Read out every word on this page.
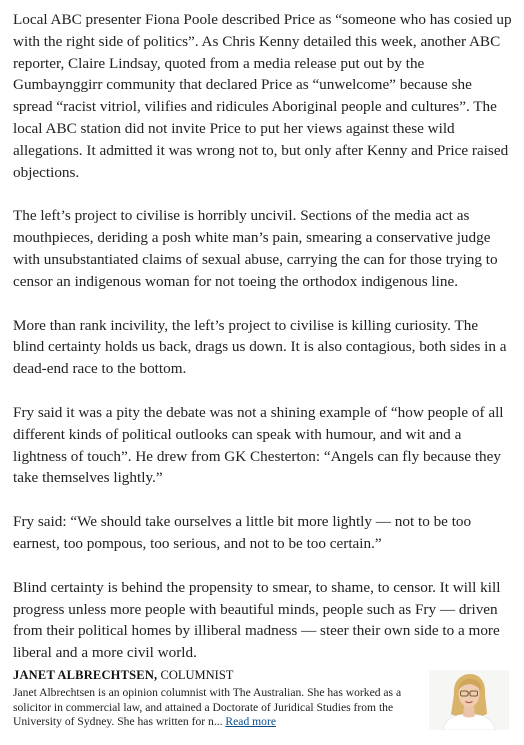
Local ABC presenter Fiona Poole described Price as “someone who has cosied up with the right side of politics”. As Chris Kenny detailed this week, another ABC reporter, Claire Lindsay, quoted from a media release put out by the Gumbaynggirr community that declared Price as “unwelcome” because she spread “racist vitriol, vilifies and ridicules Aboriginal people and cultures”. The local ABC station did not invite Price to put her views against these wild allegations. It admitted it was wrong not to, but only after Kenny and Price raised objections.

The left’s project to civilise is horribly uncivil. Sections of the media act as mouthpieces, deriding a posh white man’s pain, smearing a conservative judge with unsubstantiated claims of sexual abuse, carrying the can for those trying to censor an indigenous woman for not toeing the orthodox indigenous line.

More than rank incivility, the left’s project to civilise is killing curiosity. The blind certainty holds us back, drags us down. It is also contagious, both sides in a dead-end race to the bottom.

Fry said it was a pity the debate was not a shining example of “how people of all different kinds of political outlooks can speak with humour, and wit and a lightness of touch”. He drew from GK Chesterton: “Angels can fly because they take themselves lightly.”

Fry said: “We should take ourselves a little bit more lightly — not to be too earnest, too pompous, too serious, and not to be too certain.”

Blind certainty is behind the propensity to smear, to shame, to censor. It will kill progress unless more people with beautiful minds, people such as Fry — driven from their political homes by illiberal madness — steer their own side to a more liberal and a more civil world.

JANET ALBRECHTSEN, COLUMNIST
Janet Albrechtsen is an opinion columnist with The Australian. She has worked as a solicitor in commercial law, and attained a Doctorate of Juridical Studies from the University of Sydney. She has written for n... Read more
